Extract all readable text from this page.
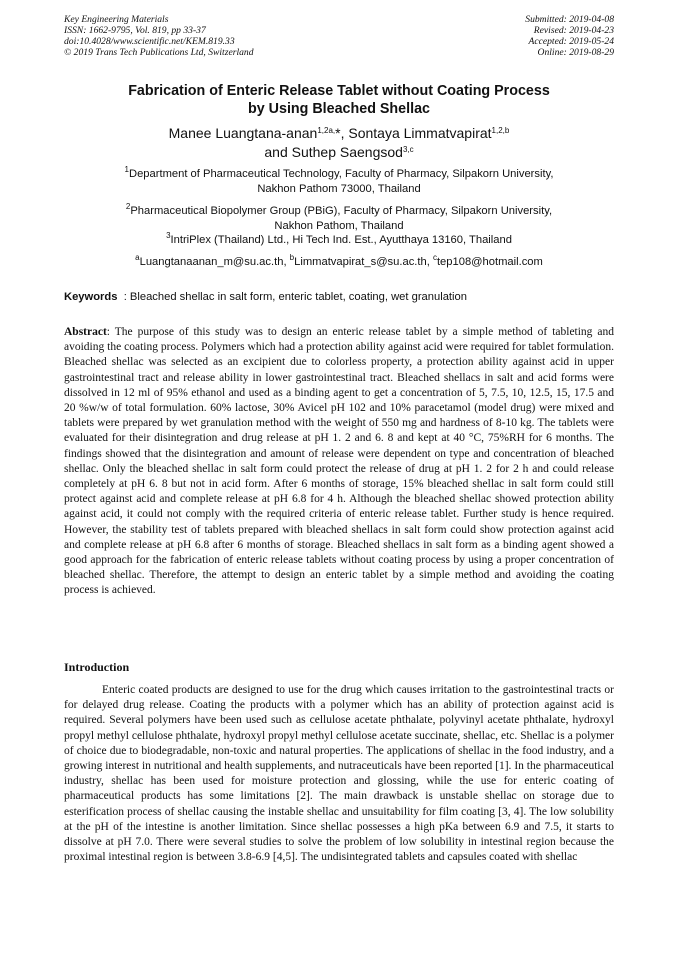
Key Engineering Materials
ISSN: 1662-9795, Vol. 819, pp 33-37
doi:10.4028/www.scientific.net/KEM.819.33
© 2019 Trans Tech Publications Ltd, Switzerland
Submitted: 2019-04-08
Revised: 2019-04-23
Accepted: 2019-05-24
Online: 2019-08-29
Fabrication of Enteric Release Tablet without Coating Process
by Using Bleached Shellac
Manee Luangtana-anan$^{1,2a,}$*, Sontaya Limmatvapirat$^{1,2,b}$
and Suthep Saengsod$^{3,c}$
$^1$Department of Pharmaceutical Technology, Faculty of Pharmacy, Silpakorn University,
Nakhon Pathom 73000, Thailand
$^2$Pharmaceutical Biopolymer Group (PBiG), Faculty of Pharmacy, Silpakorn University,
Nakhon Pathom, Thailand
$^3$IntriPlex (Thailand) Ltd., Hi Tech Ind. Est., Ayutthaya 13160, Thailand
$^a$Luangtanaanan_m@su.ac.th, $^b$Limmatvapirat_s@su.ac.th, $^c$tep108@hotmail.com
Keywords : Bleached shellac in salt form, enteric tablet, coating, wet granulation
Abstract: The purpose of this study was to design an enteric release tablet by a simple method of tableting and avoiding the coating process. Polymers which had a protection ability against acid were required for tablet formulation. Bleached shellac was selected as an excipient due to colorless property, a protection ability against acid in upper gastrointestinal tract and release ability in lower gastrointestinal tract. Bleached shellacs in salt and acid forms were dissolved in 12 ml of 95% ethanol and used as a binding agent to get a concentration of 5, 7.5, 10, 12.5, 15, 17.5 and 20 %w/w of total formulation. 60% lactose, 30% Avicel pH 102 and 10% paracetamol (model drug) were mixed and tablets were prepared by wet granulation method with the weight of 550 mg and hardness of 8-10 kg. The tablets were evaluated for their disintegration and drug release at pH 1. 2 and 6. 8 and kept at 40 °C, 75%RH for 6 months. The findings showed that the disintegration and amount of release were dependent on type and concentration of bleached shellac. Only the bleached shellac in salt form could protect the release of drug at pH 1. 2 for 2 h and could release completely at pH 6. 8 but not in acid form. After 6 months of storage, 15% bleached shellac in salt form could still protect against acid and complete release at pH 6.8 for 4 h. Although the bleached shellac showed protection ability against acid, it could not comply with the required criteria of enteric release tablet. Further study is hence required. However, the stability test of tablets prepared with bleached shellacs in salt form could show protection against acid and complete release at pH 6.8 after 6 months of storage. Bleached shellacs in salt form as a binding agent showed a good approach for the fabrication of enteric release tablets without coating process by using a proper concentration of bleached shellac. Therefore, the attempt to design an enteric tablet by a simple method and avoiding the coating process is achieved.
Introduction
Enteric coated products are designed to use for the drug which causes irritation to the gastrointestinal tracts or for delayed drug release. Coating the products with a polymer which has an ability of protection against acid is required. Several polymers have been used such as cellulose acetate phthalate, polyvinyl acetate phthalate, hydroxyl propyl methyl cellulose phthalate, hydroxyl propyl methyl cellulose acetate succinate, shellac, etc. Shellac is a polymer of choice due to biodegradable, non-toxic and natural properties. The applications of shellac in the food industry, and a growing interest in nutritional and health supplements, and nutraceuticals have been reported [1]. In the pharmaceutical industry, shellac has been used for moisture protection and glossing, while the use for enteric coating of pharmaceutical products has some limitations [2]. The main drawback is unstable shellac on storage due to esterification process of shellac causing the instable shellac and unsuitability for film coating [3, 4]. The low solubility at the pH of the intestine is another limitation. Since shellac possesses a high pKa between 6.9 and 7.5, it starts to dissolve at pH 7.0. There were several studies to solve the problem of low solubility in intestinal region because the proximal intestinal region is between 3.8-6.9 [4,5]. The undisintegrated tablets and capsules coated with shellac
